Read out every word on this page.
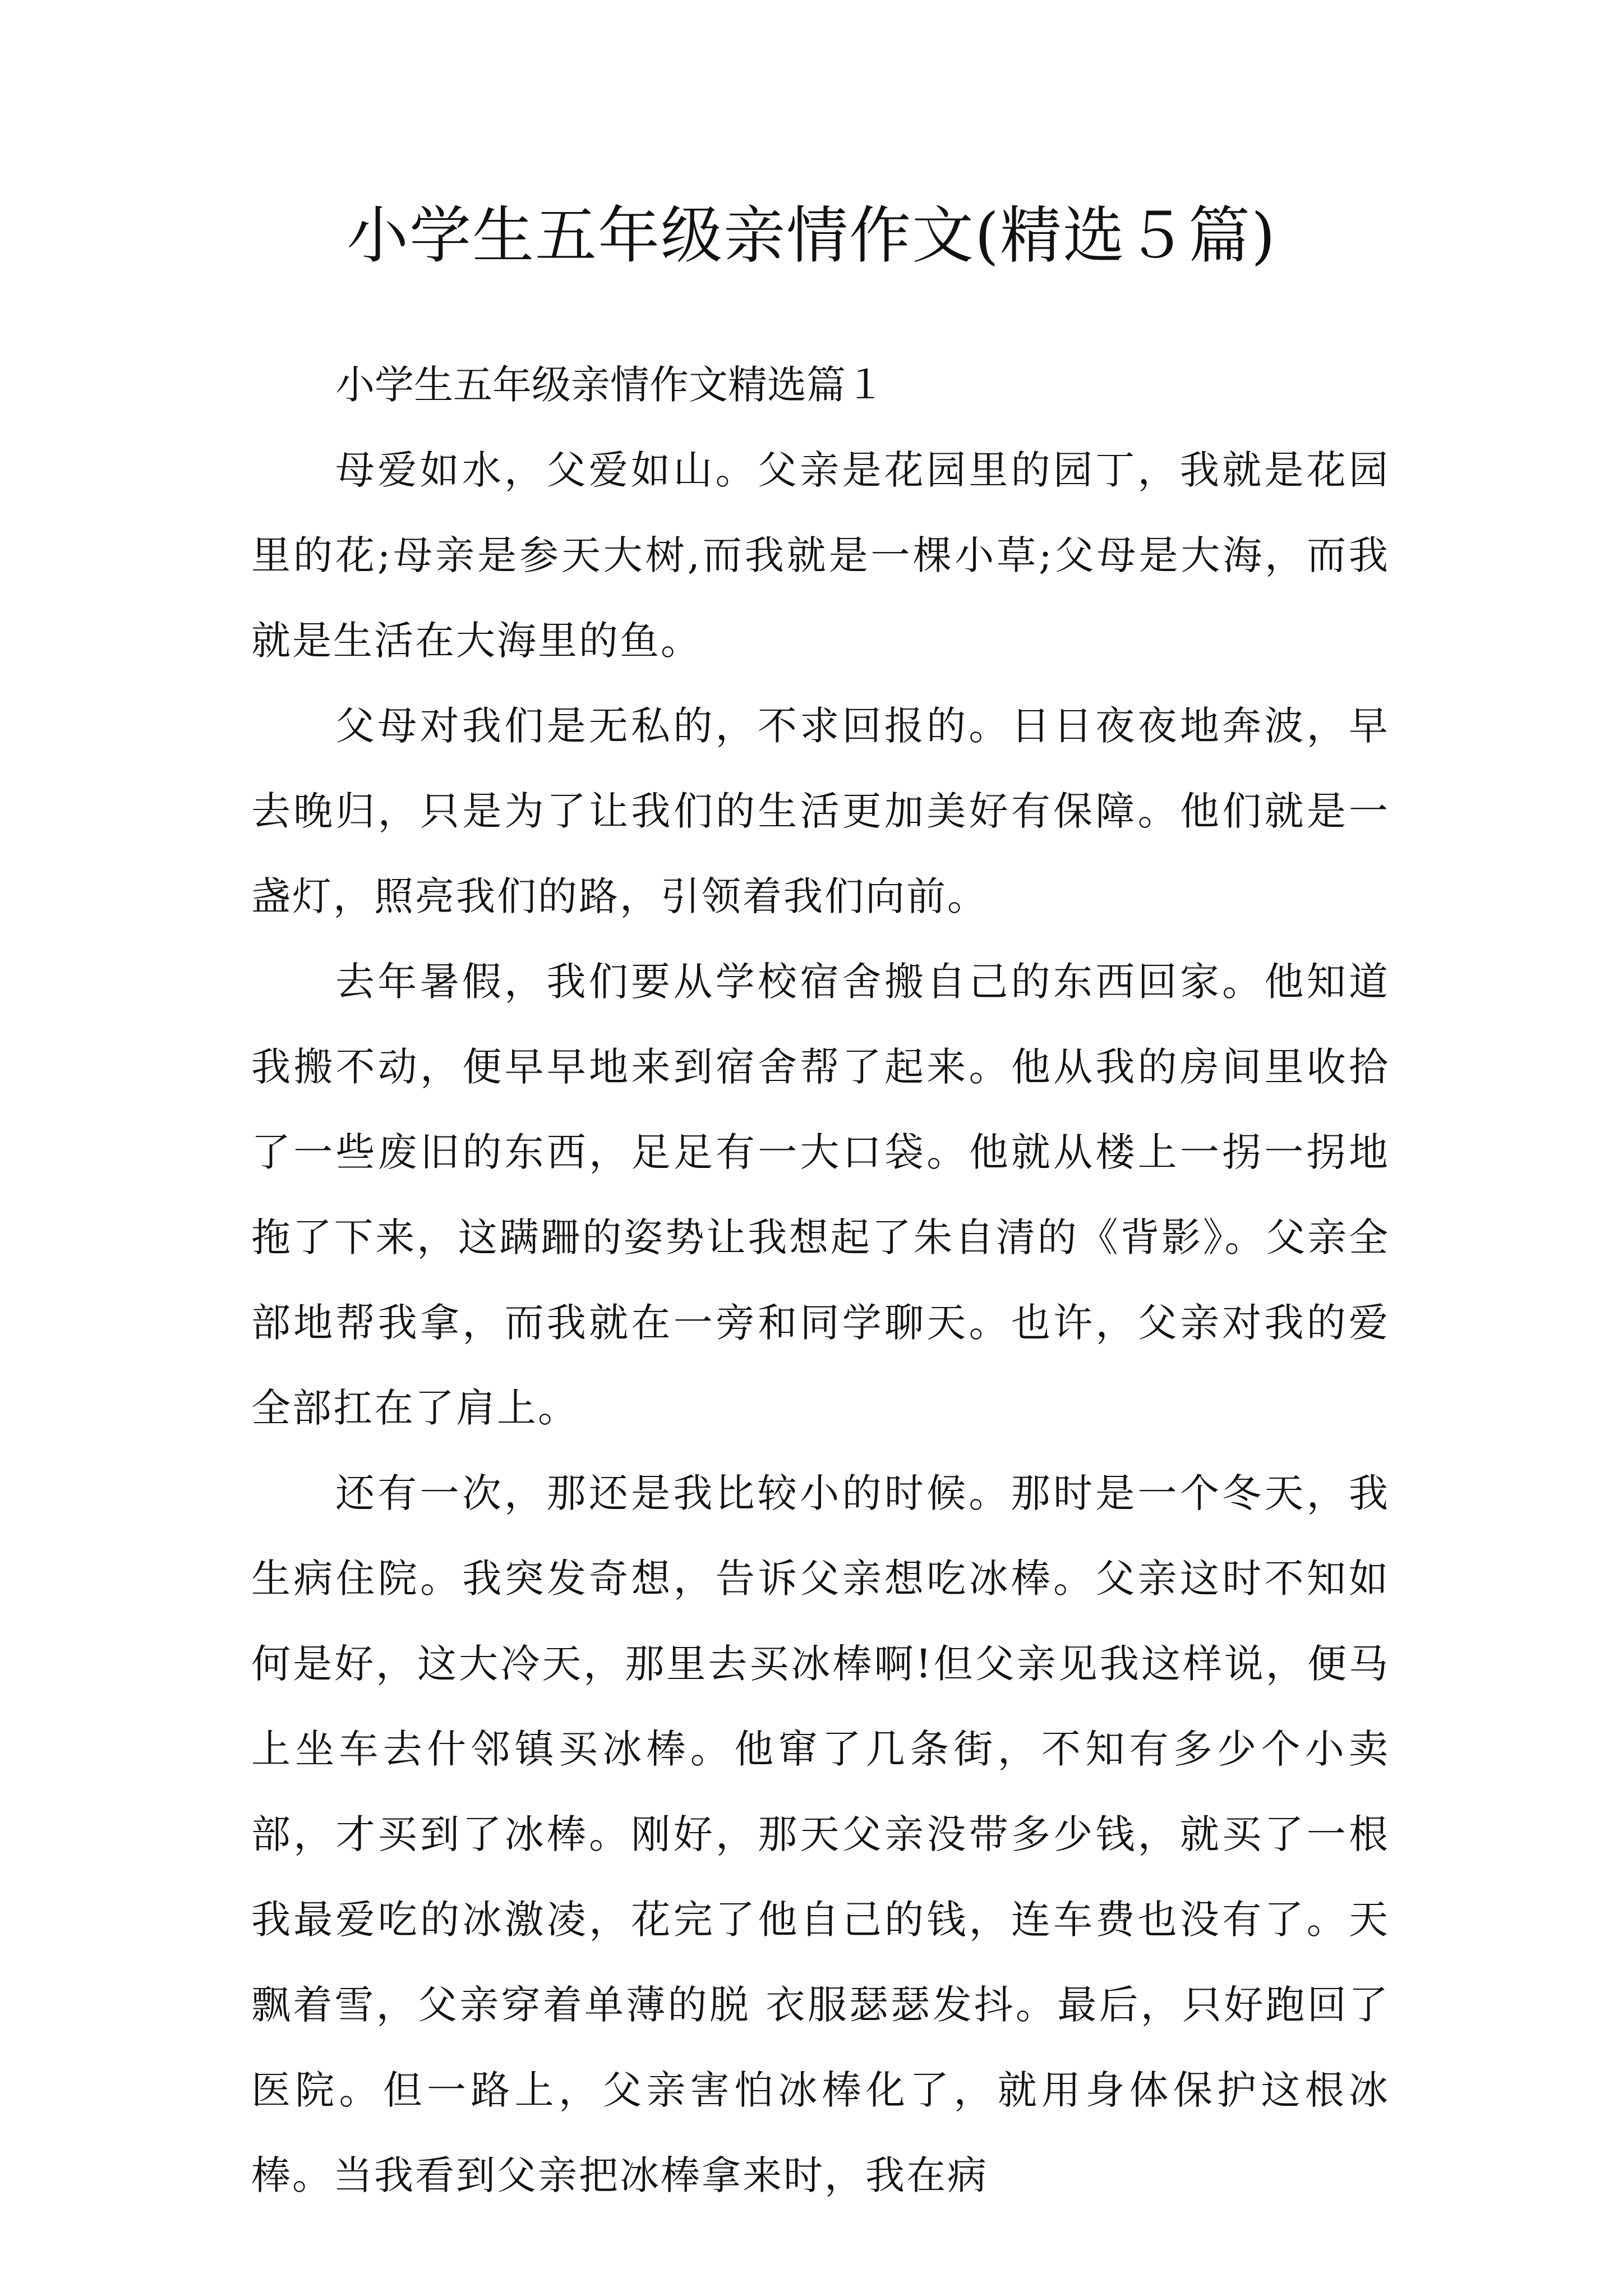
小学生五年级亲情作文(精选５篇)

小学生五年级亲情作文精选篇１

母爱如水，父爱如山。父亲是花园里的园丁，我就是花园里的花;母亲是参天大树,而我就是一棵小草;父母是大海，而我就是生活在大海里的鱼。

父母对我们是无私的，不求回报的。日日夜夜地奔波，早去晚归，只是为了让我们的生活更加美好有保障。他们就是一盏灯，照亮我们的路，引领着我们向前。

去年暑假，我们要从学校宿舍搬自己的东西回家。他知道我搬不动，便早早地来到宿舍帮了起来。他从我的房间里收拾了一些废旧的东西，足足有一大口袋。他就从楼上一拐一拐地拖了下来，这蹒跚的姿势让我想起了朱自清的《背影》。父亲全部地帮我拿，而我就在一旁和同学聊天。也许，父亲对我的爱全部扛在了肩上。

还有一次，那还是我比较小的时候。那时是一个冬天，我生病住院。我突发奇想，告诉父亲想吃冰棒。父亲这时不知如何是好，这大冷天，那里去买冰棒啊!但父亲见我这样说，便马上坐车去什邻镇买冰棒。他窜了几条街，不知有多少个小卖部，才买到了冰棒。刚好，那天父亲没带多少钱，就买了一根我最爱吃的冰激凌，花完了他自己的钱，连车费也没有了。天飘着雪，父亲穿着单薄的脱 衣服瑟瑟发抖。最后，只好跑回了医院。但一路上，父亲害怕冰棒化了，就用身体保护这根冰棒。当我看到父亲把冰棒拿来时，我在病
